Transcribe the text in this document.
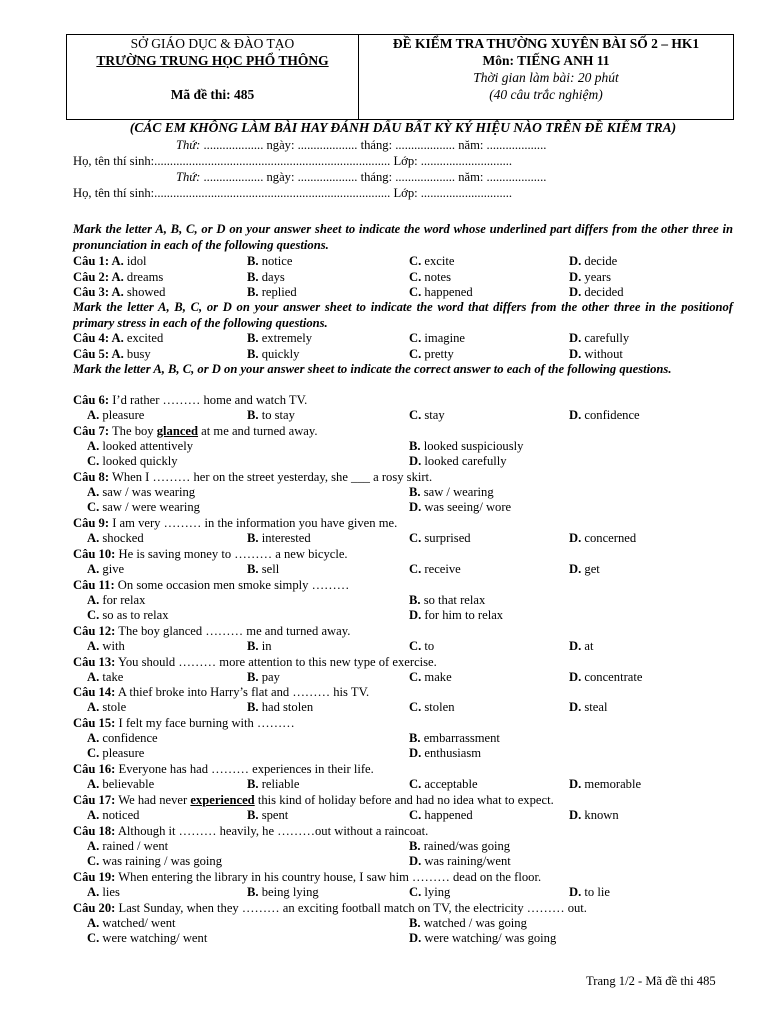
SỞ GIÁO DỤC & ĐÀO TẠO
TRƯỜNG TRUNG HỌC PHỔ THÔNG
Mã đề thi: 485
ĐỀ KIỂM TRA THƯỜNG XUYÊN BÀI SỐ 2 – HK1
Môn: TIẾNG ANH 11
Thời gian làm bài: 20 phút
(40 câu trắc nghiệm)
(CÁC EM KHÔNG LÀM BÀI HAY ĐÁNH DẤU BẤT KỲ KÝ HIỆU NÀO TRÊN ĐỀ KIỂM TRA)
Thứ: ................... ngày: ................... tháng: ................... năm: ...................
Họ, tên thí sinh:........................................................................... Lớp: .............................
Thứ: ................... ngày: ................... tháng: ................... năm: ...................
Họ, tên thí sinh:........................................................................... Lớp: .............................
Mark the letter A, B, C, or D on your answer sheet to indicate the word whose underlined part differs from the other three in pronunciation in each of the following questions.
Câu 1: A. idol	B. notice	C. excite	D. decide
Câu 2: A. dreams	B. days	C. notes	D. years
Câu 3: A. showed	B. replied	C. happened	D. decided
Mark the letter A, B, C, or D on your answer sheet to indicate the word that differs from the other three in the positionof primary stress in each of the following questions.
Câu 4: A. excited	B. extremely	C. imagine	D. carefully
Câu 5: A. busy	B. quickly	C. pretty	D. without
Mark the letter A, B, C, or D on your answer sheet to indicate the correct answer to each of the following questions.
Câu 6: I’d rather ……… home and watch TV.
A. pleasure	B. to stay	C. stay	D. confidence
Câu 7: The boy glanced at me and turned away.
A. looked attentively	B. looked suspiciously
C. looked quickly	D. looked carefully
Câu 8: When I ……… her on the street yesterday, she ___ a rosy skirt.
A. saw / was wearing	B. saw / wearing
C. saw / were wearing	D. was seeing/ wore
Câu 9: I am very ……… in the information you have given me.
A. shocked	B. interested	C. surprised	D. concerned
Câu 10: He is saving money to ……… a new bicycle.
A. give	B. sell	C. receive	D. get
Câu 11: On some occasion men smoke simply ………
A. for relax	B. so that relax
C. so as to relax	D. for him to relax
Câu 12: The boy glanced ……… me and turned away.
A. with	B. in	C. to	D. at
Câu 13: You should ……… more attention to this new type of exercise.
A. take	B. pay	C. make	D. concentrate
Câu 14: A thief broke into Harry’s flat and ……… his TV.
A. stole	B. had stolen	C. stolen	D. steal
Câu 15: I felt my face burning with ………
A. confidence	B. embarrassment
C. pleasure	D. enthusiasm
Câu 16: Everyone has had ……… experiences in their life.
A. believable	B. reliable	C. acceptable	D. memorable
Câu 17: We had never experienced this kind of holiday before and had no idea what to expect.
A. noticed	B. spent	C. happened	D. known
Câu 18: Although it ……… heavily, he ………out without a raincoat.
A. rained / went	B. rained/was going
C. was raining / was going	D. was raining/went
Câu 19: When entering the library in his country house, I saw him ……… dead on the floor.
A. lies	B. being lying	C. lying	D. to lie
Câu 20: Last Sunday, when they ……… an exciting football match on TV, the electricity ……… out.
A. watched/ went	B. watched / was going
C. were watching/ went	D. were watching/ was going
Trang 1/2 - Mã đề thi 485
